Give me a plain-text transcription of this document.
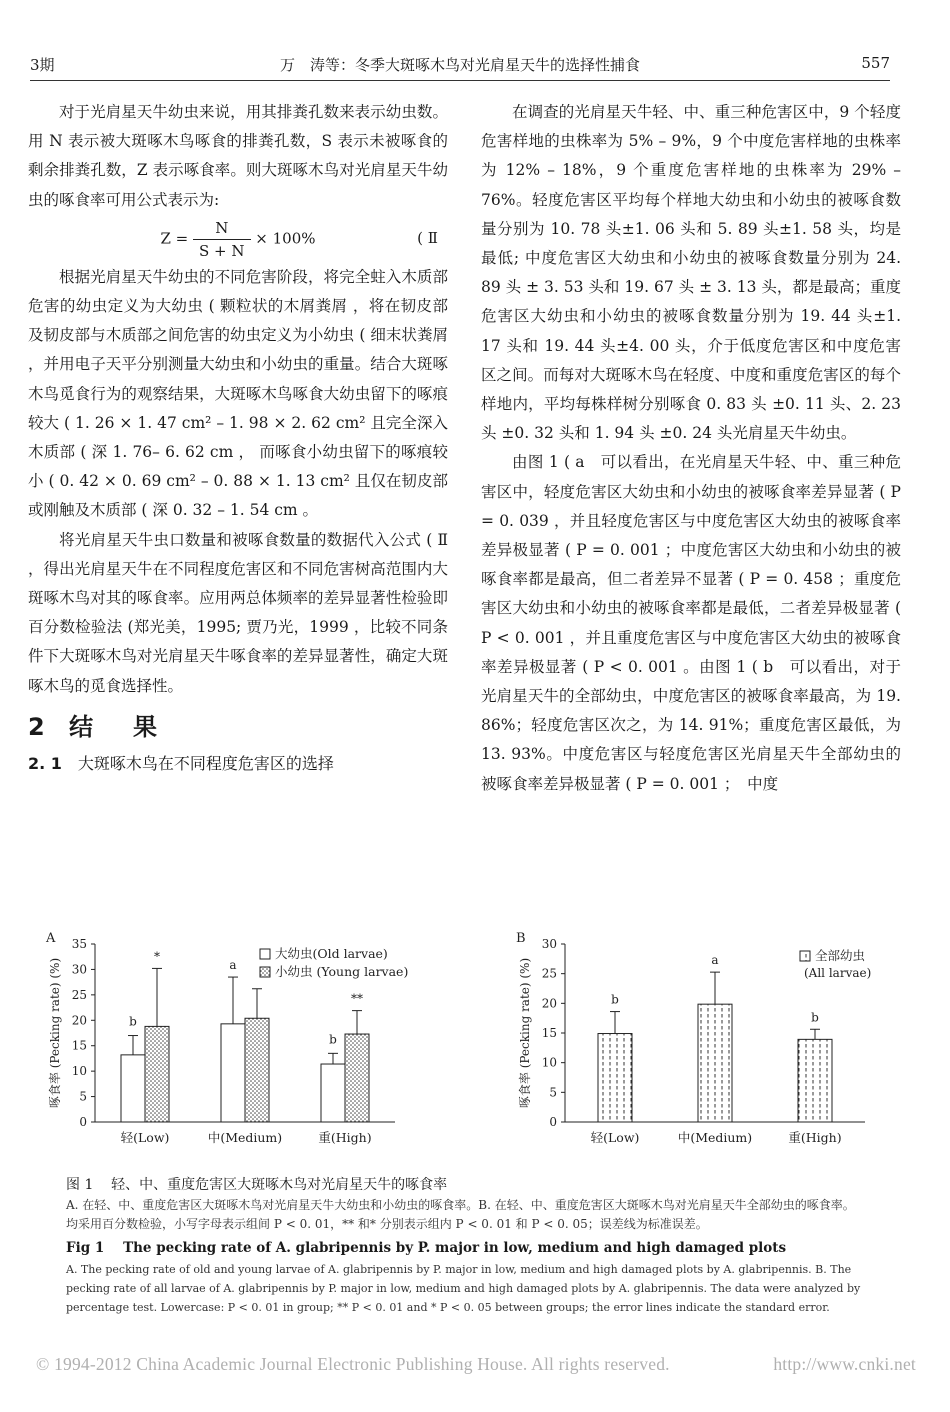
3期	万　涛等：冬季大斑啄木鸟对光肩星天牛的选择性捕食	557

对于光肩星天牛幼虫来说，用其排粪孔数来表示幼虫数。用 N 表示被大斑啄木鸟啄食的排粪孔数，S 表示未被啄食的剩余排粪孔数，Z 表示啄食率。则大斑啄木鸟对光肩星天牛幼虫的啄食率可用公式表示为:

$Z = \frac{N}{S + N} \times 100\%$	( Ⅱ

根据光肩星天牛幼虫的不同危害阶段，将完全蛀入木质部危害的幼虫定义为大幼虫 ( 颗粒状的木屑粪屑 ，将在韧皮部及韧皮部与木质部之间危害的幼虫定义为小幼虫 ( 细末状粪屑 ，并用电子天平分别测量大幼虫和小幼虫的重量。结合大斑啄木鸟觅食行为的观察结果，大斑啄木鸟啄食大幼虫留下的啄痕较大 ( 1. 26 × 1. 47 cm² – 1. 98 × 2. 62 cm² 且完全深入木质部 ( 深 1. 76– 6. 62 cm ， 而啄食小幼虫留下的啄痕较小 ( 0. 42 × 0. 69 cm² – 0. 88 × 1. 13 cm² 且仅在韧皮部或刚触及木质部 ( 深 0. 32 – 1. 54 cm 。

将光肩星天牛虫口数量和被啄食数量的数据代入公式 ( Ⅱ ，得出光肩星天牛在不同程度危害区和不同危害树高范围内大斑啄木鸟对其的啄食率。应用两总体频率的差异显著性检验即百分数检验法 (郑光美，1995; 贾乃光，1999 ，比较不同条件下大斑啄木鸟对光肩星天牛啄食率的差异显著性，确定大斑啄木鸟的觅食选择性。

2 结　果
2. 1 大斑啄木鸟在不同程度危害区的选择

在调查的光肩星天牛轻、中、重三种危害区中，9 个轻度危害样地的虫株率为 5% – 9%，9 个中度危害样地的虫株率为 12% – 18%，9 个重度危害样地的虫株率为 29% – 76%。轻度危害区平均每个样地大幼虫和小幼虫的被啄食数量分别为 10. 78 头±1. 06 头和 5. 89 头±1. 58 头，均是最低; 中度危害区大幼虫和小幼虫的被啄食数量分别为 24. 89 头 ± 3. 53 头和 19. 67 头 ± 3. 13 头，都是最高；重度危害区大幼虫和小幼虫的被啄食数量分别为 19. 44 头±1. 17 头和 19. 44 头±4. 00 头，介于低度危害区和中度危害区之间。而每对大斑啄木鸟在轻度、中度和重度危害区的每个样地内，平均每株样树分别啄食 0. 83 头 ±0. 11 头、2. 23 头 ±0. 32 头和 1. 94 头 ±0. 24 头光肩星天牛幼虫。

由图 1 ( a　可以看出，在光肩星天牛轻、中、重三种危害区中，轻度危害区大幼虫和小幼虫的被啄食率差异显著 ( P = 0. 039 ，并且轻度危害区与中度危害区大幼虫的被啄食率差异极显著 ( P = 0. 001 ；中度危害区大幼虫和小幼虫的被啄食率都是最高，但二者差异不显著 ( P = 0. 458 ；重度危害区大幼虫和小幼虫的被啄食率都是最低，二者差异极显著 ( P < 0. 001 ，并且重度危害区与中度危害区大幼虫的被啄食率差异极显著 ( P < 0. 001 。由图 1 ( b　可以看出，对于光肩星天牛的全部幼虫，中度危害区的被啄食率最高，为 19. 86%；轻度危害区次之，为 14. 91%；重度危害区最低，为 13. 93%。中度危害区与轻度危害区光肩星天牛全部幼虫的被啄食率差异极显著 ( P = 0. 001 ；　中度

A
0
5
10
15
20
25
30
35
啄食率 (Pecking rate) (%)
轻(Low)
b
*
中(Medium)
a
重(High)
b
**
大幼虫(Old larvae)
小幼虫 (Young larvae)
B
0
5
10
15
20
25
30
啄食率 (Pecking rate) (%)
轻(Low)
b
中(Medium)
a
重(High)
b
全部幼虫
(All larvae)
图 1 轻、中、重度危害区大斑啄木鸟对光肩星天牛的啄食率
A. 在轻、中、重度危害区大斑啄木鸟对光肩星天牛大幼虫和小幼虫的啄食率。B. 在轻、中、重度危害区大斑啄木鸟对光肩星天牛全部幼虫的啄食率。均采用百分数检验，小写字母表示组间 P < 0. 01，** 和* 分别表示组内 P < 0. 01 和 P < 0. 05；误差线为标准误差。
Fig 1 The pecking rate of A. glabripennis by P. major in low, medium and high damaged plots
A. The pecking rate of old and young larvae of A. glabripennis by P. major in low, medium and high damaged plots by A. glabripennis. B. The pecking rate of all larvae of A. glabripennis by P. major in low, medium and high damaged plots by A. glabripennis. The data were analyzed by percentage test. Lowercase: P < 0. 01 in group; ** P < 0. 01 and * P < 0. 05 between groups; the error lines indicate the standard error.
© 1994-2012 China Academic Journal Electronic Publishing House. All rights reserved.	http://www.cnki.net
